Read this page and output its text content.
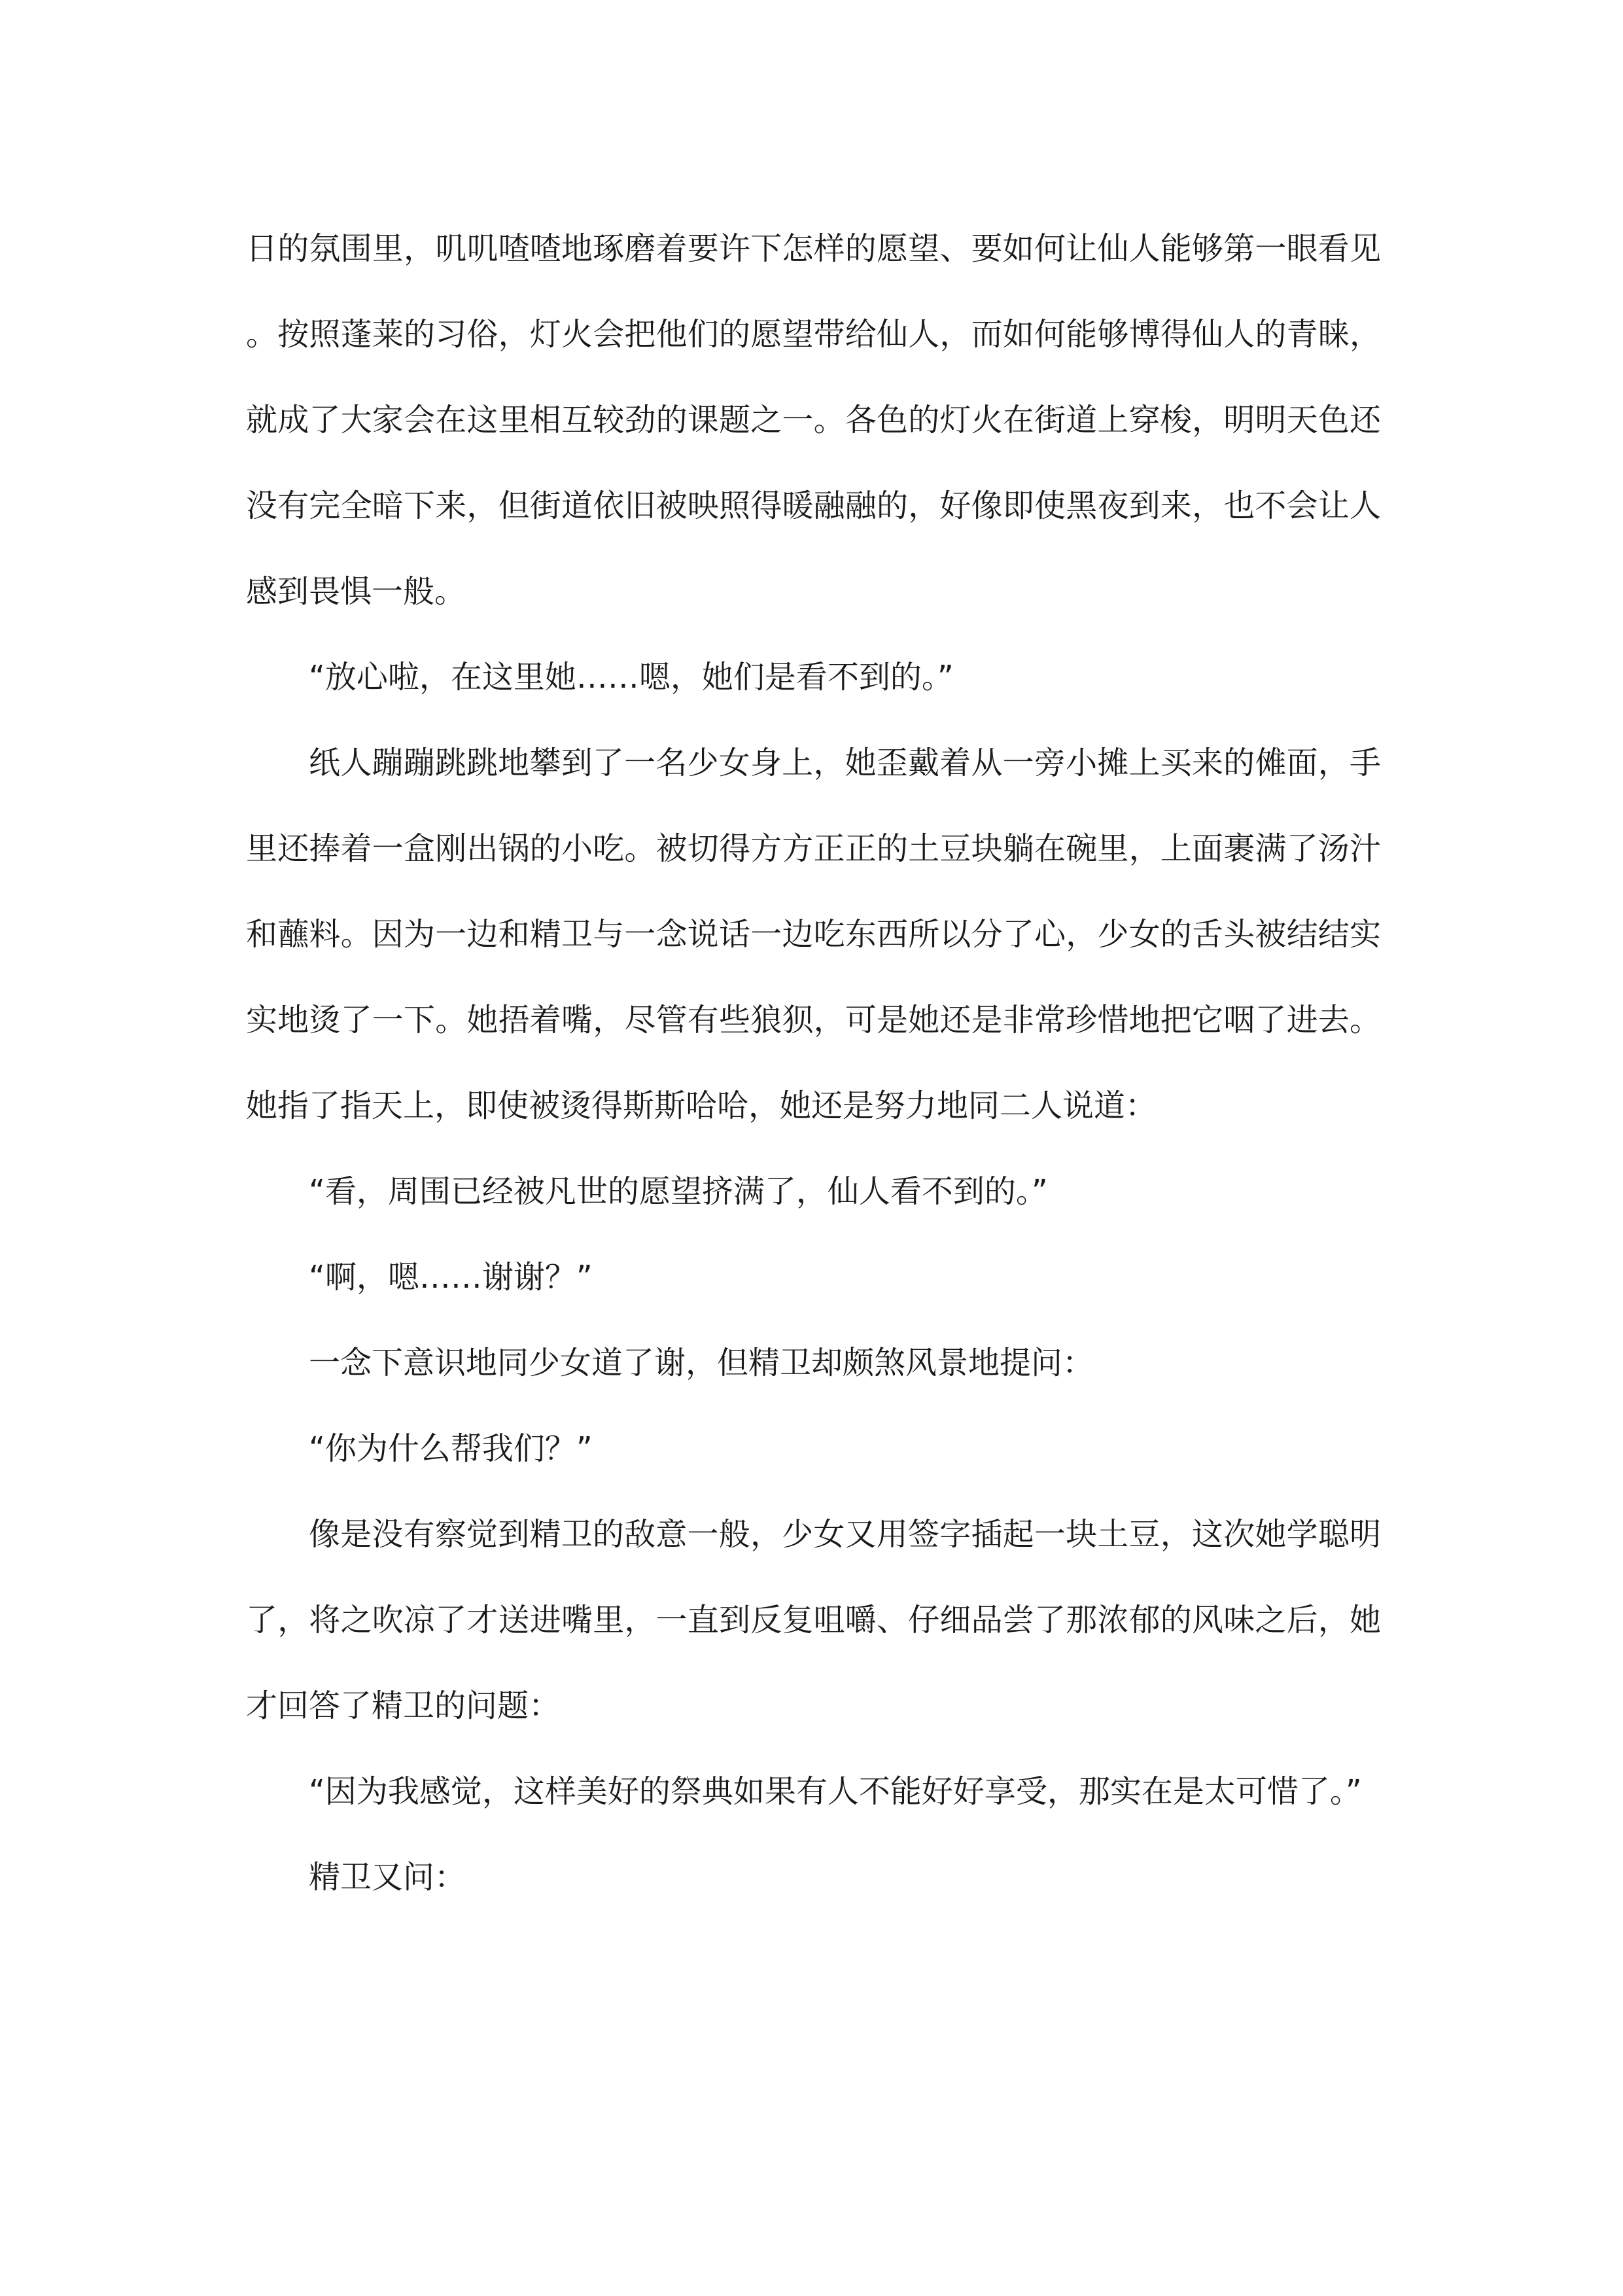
日的氛围里，叽叽喳喳地琢磨着要许下怎样的愿望、要如何让仙人能够第一眼看见。按照蓬莱的习俗，灯火会把他们的愿望带给仙人，而如何能够博得仙人的青睐，就成了大家会在这里相互较劲的课题之一。各色的灯火在街道上穿梭，明明天色还没有完全暗下来，但街道依旧被映照得暖融融的，好像即使黑夜到来，也不会让人感到畏惧一般。

“放心啦，在这里她……嗯，她们是看不到的。”

纸人蹦蹦跳跳地攀到了一名少女身上，她歪戴着从一旁小摊上买来的傩面，手里还捧着一盒刚出锅的小吃。被切得方方正正的土豆块躺在碗里，上面裹满了汤汁和蘸料。因为一边和精卫与一念说话一边吃东西所以分了心，少女的舌头被结结实实地烫了一下。她捂着嘴，尽管有些狼狈，可是她还是非常珍惜地把它咽了进去。她指了指天上，即使被烫得斯斯哈哈，她还是努力地同二人说道：

“看，周围已经被凡世的愿望挤满了，仙人看不到的。”

“啊，嗯……谢谢？”

一念下意识地同少女道了谢，但精卫却颇煞风景地提问：

“你为什么帮我们？”

像是没有察觉到精卫的敌意一般，少女又用签字插起一块土豆，这次她学聪明了，将之吹凉了才送进嘴里，一直到反复咀嚼、仔细品尝了那浓郁的风味之后，她才回答了精卫的问题：

“因为我感觉，这样美好的祭典如果有人不能好好享受，那实在是太可惜了。”

精卫又问：
